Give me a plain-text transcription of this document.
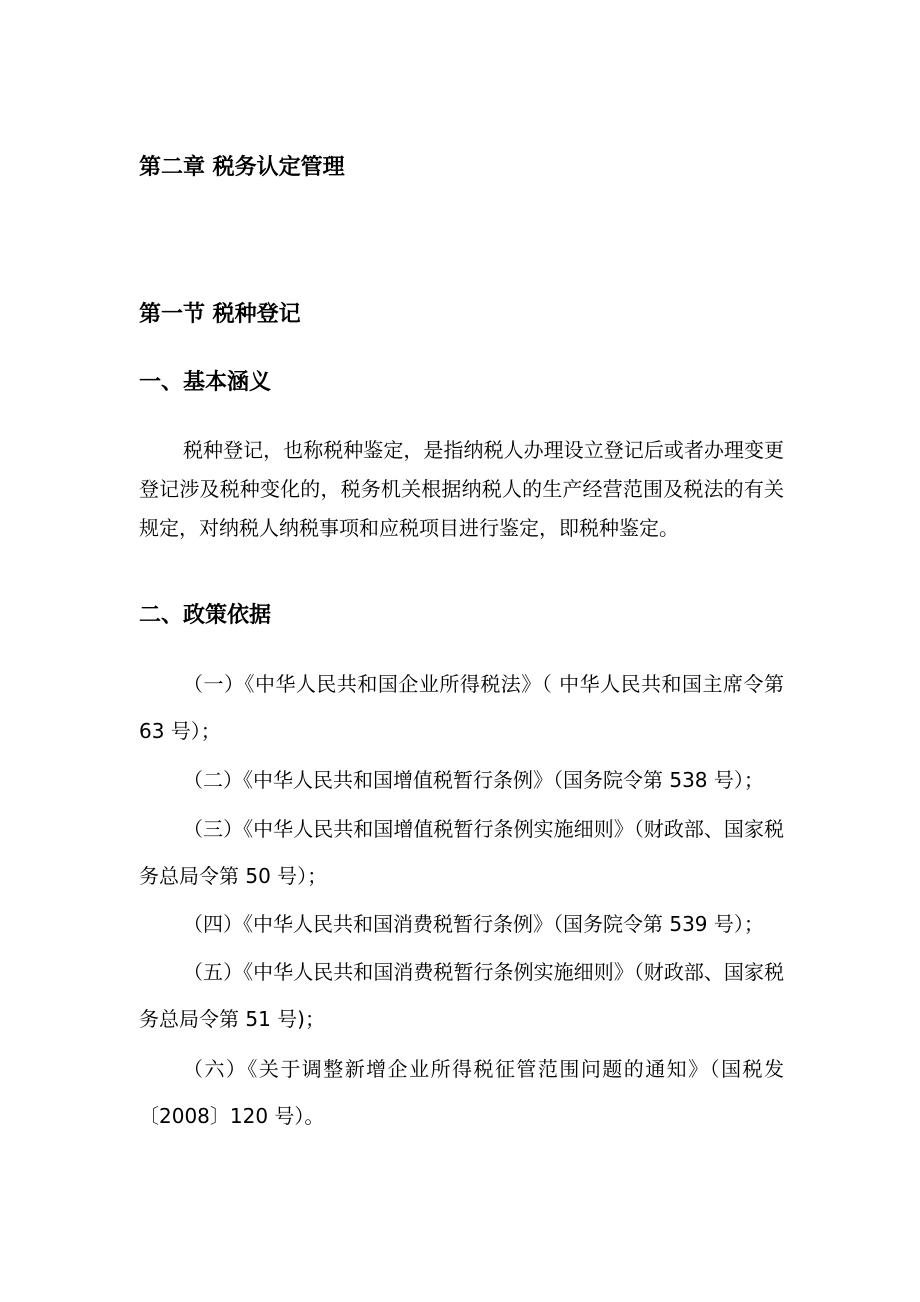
第二章 税务认定管理
第一节 税种登记
一、基本涵义

税种登记，也称税种鉴定，是指纳税人办理设立登记后或者办理变更登记涉及税种变化的，税务机关根据纳税人的生产经营范围及税法的有关规定，对纳税人纳税事项和应税项目进行鉴定，即税种鉴定。

二、政策依据

（一）《中华人民共和国企业所得税法》（ 中华人民共和国主席令第 63 号）；

（二）《中华人民共和国增值税暂行条例》（国务院令第 538 号）；

（三）《中华人民共和国增值税暂行条例实施细则》（财政部、国家税务总局令第 50 号）；

（四）《中华人民共和国消费税暂行条例》（国务院令第 539 号）；

（五）《中华人民共和国消费税暂行条例实施细则》（财政部、国家税务总局令第 51 号)；

（六）《关于调整新增企业所得税征管范围问题的通知》（国税发〔2008〕120 号）。
